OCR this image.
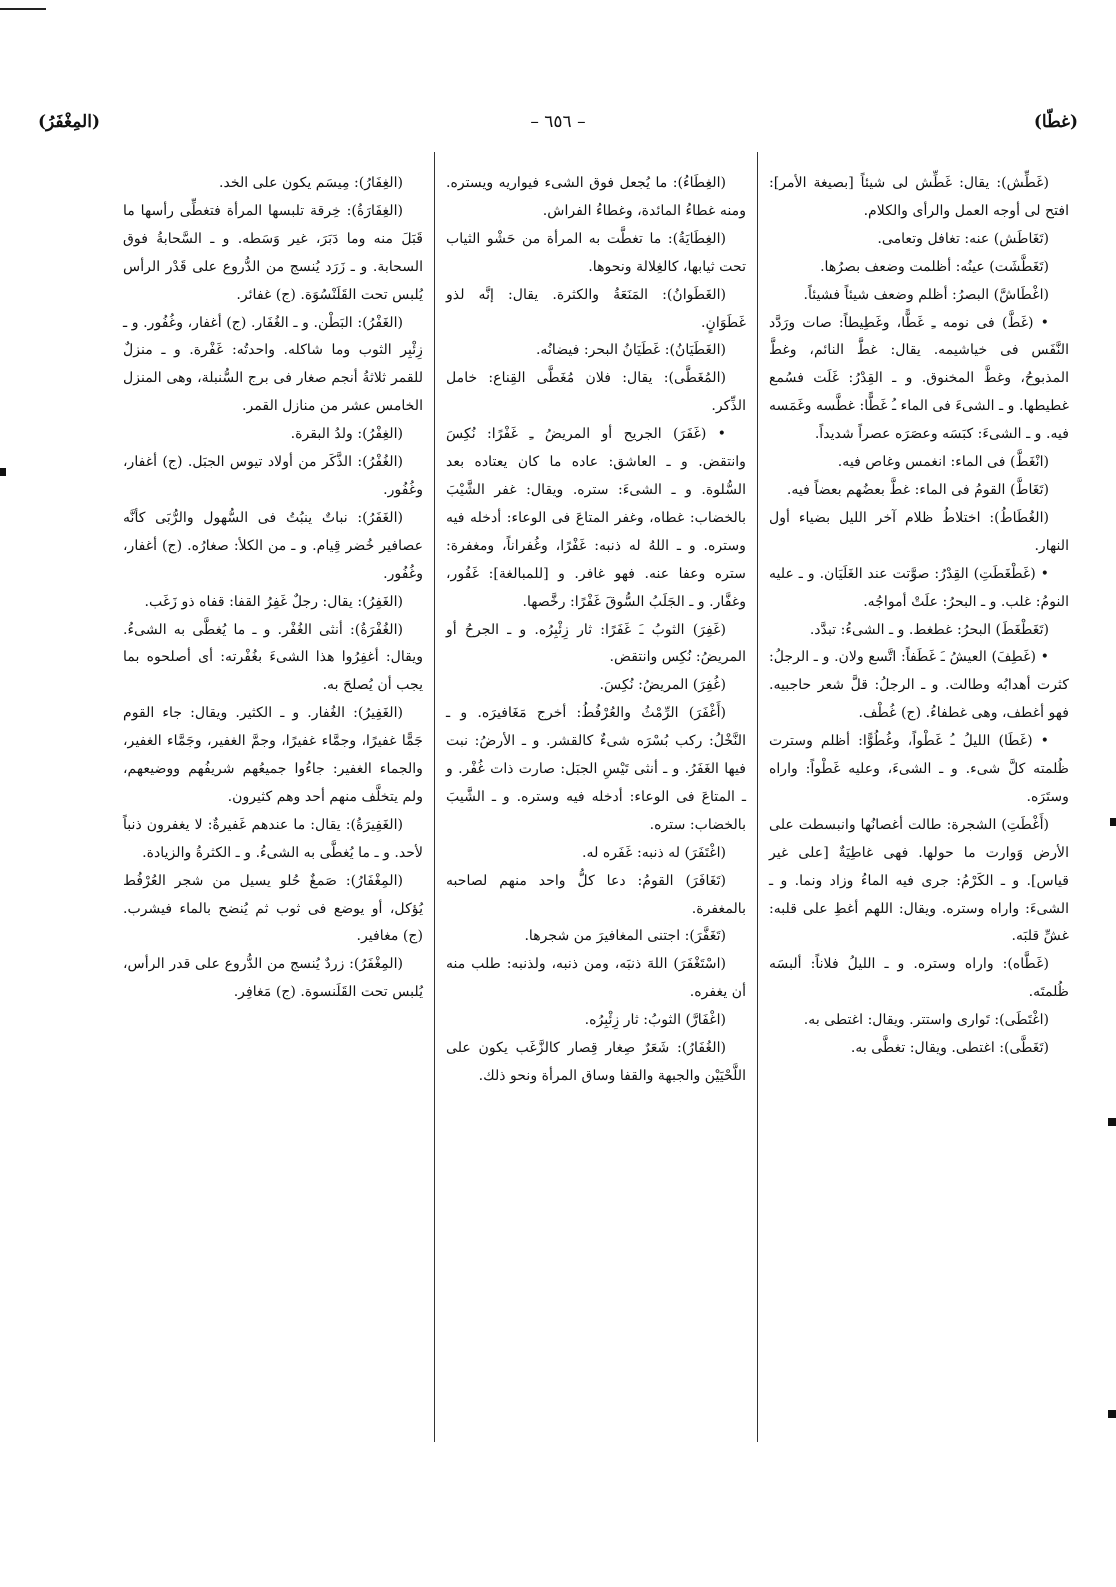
(غطّا)
– ٦٥٦ –
(المِغْفَرُ)

(غَطِّش): يقال: غَطِّش لى شيئاً [بصيغة الأمر]: افتح لى أوجه العمل والرأى والكلام.

(تَغَاطَش) عنه: تغافل وتعامى.

(تَغَطَّشَت) عينُه: أظلمت وضعف بصرُها.

(اغْطَاشَّ) البصرُ: أظلم وضعف شيئاً فشيئاً.

• (غَطَّ) فى نومه ـِ غَطًّا، وغَطِيطاً: صات ورَدَّد النَّفَس فى خياشيمه. يقال: غطَّ النائم، وغطَّ المذبوحُ، وغطَّ المخنوق. و ـ القِدْرُ: غَلَت فسُمع غطيطها. و ـ الشىءَ فى الماء ـُ غَطًّا: غطَّسه وغَمَسه فيه. و ـ الشىءَ: كبَسَه وعصَرَه عصراً شديداً.

(انْغَطَّ) فى الماء: انغمس وغاص فيه.

(تَغَاطَّ) القومُ فى الماء: غطَّ بعضُهم بعضاً فيه.

(الغُطَاطُ): اختلاطُ ظلام آخر الليل بضياء أول النهار.

• (غَطْغَطَتِ) القِدْرُ: صوَّتت عند الغَلَيَان. و ـ عليه النومُ: غلب. و ـ البحرُ: علَتْ أمواجُه.

(تَغَطْغَطَ) البحرُ: غطغط. و ـ الشىءُ: تبدَّد.

• (غَطِفَ) العيشُ ـَ غَطَفاً: اتَّسع ولان. و ـ الرجلُ: كثرت أهدابُه وطالت. و ـ الرجلُ: قلَّ شعر حاجبيه. فهو أغطف، وهى غطفاءُ. (ج) غُطْف.

• (غَطَا) الليلُ ـُ غَطْواً، وغُطُوًّا: أظلم وسترت ظُلمته كلَّ شىء. و ـ الشىءَ، وعليه غَطْواً: واراه وستَرَه.

(أَغْطَتِ) الشجرة: طالت أغصانُها وانبسطت على الأرض وَوارت ما حولها. فهى غاطِيَةٌ [على غير قياس]. و ـ الكَرْمُ: جرى فيه الماءُ وزاد ونما. و ـ الشىءَ: واراه وستره. ويقال: اللهم أغطِ على قلبه: غشِّ قلبَه.

(غَطَّاه): واراه وستره. و ـ الليلُ فلاناً: ألبسَه ظُلمتَه.

(اغْتَطَى): تَوارى واستتر. ويقال: اغتطى به.

(تَغَطَّى): اغتطى. ويقال: تغطَّى به.

(الغِطَاءُ): ما يُجعل فوق الشىء فيواريه ويستره. ومنه غطاءُ المائدة، وغطاءُ الفراش.

(الغِطَايَةُ): ما تغطَّت به المرأة من حَشْو الثياب تحت ثيابها، كالغِلالة ونحوها.

(الغَطَوانُ): المَنَعَةُ والكثرة. يقال: إنَّه لذو غَطَوَانٍ.

(الغَطَيَانُ): غَطَيَانُ البحر: فيضانُه.

(المُغَطَّى): يقال: فلان مُغَطَّى القِناع: خامل الذِّكر.

• (غَفَرَ) الجريح أو المريضُ ـِ غَفْرًا: نُكِسَ وانتقض. و ـ العاشق: عاده ما كان يعتاده بعد السُّلوة. و ـ الشىءَ: ستره. ويقال: غفر الشَّيْبَ بالخضاب: غطاه، وغفر المتاعَ فى الوعاء: أدخله فيه وستره. و ـ اللهُ له ذنبه: غَفْرًا، وغُفراناً، ومغفرة: ستره وعفا عنه. فهو غافر. و [للمبالغة]: غَفُور، وغفَّار. و ـ الجَلَبُ السُّوقَ غَفْرًا: رخَّصها.

(غَفِرَ) الثوبُ ـَ غَفَرًا: ثار زِئْبِرُه. و ـ الجرحُ أو المريضُ: نُكِس وانتقض.

(غُفِرَ) المريضُ: نُكِسَ.

(أَغْفَرَ) الرِّمْثُ والعُرْفُطُ: أخرج مَغَافيرَه. و ـ النَّخْلُ: ركب بُسْرَه شىءٌ كالقشر. و ـ الأرضُ: نبت فيها الغَفَرُ. و ـ أنثى تَيْسِ الجبَل: صارت ذات غُفْر. و ـ المتاعَ فى الوعاء: أدخله فيه وستره. و ـ الشَّيبَ بالخضاب: ستره.

(اغْتَفَرَ) له ذنبه: غَفَره له.

(تَغَافَرَ) القومُ: دعا كلُّ واحد منهم لصاحبه بالمغفرة.

(تَغَفَّرَ): اجتنى المغافيرَ من شجرها.

(اسْتَغْفَرَ) اللهَ ذنبَه، ومن ذنبه، ولذنبه: طلب منه أن يغفره.

(اغْفَارَّ) الثوبُ: ثار زِئْبِرُه.

(الغُفَارُ): شَعَرٌ صِغار قِصار كالزَّغَب يكون على اللَّحْيَيْن والجبهة والقفا وساق المرأة ونحو ذلك.

(الغِفَارُ): مِيسَم يكون على الخد.

(الغِفَارَةُ): خِرقة تلبسها المرأة فتغطِّى رأسها ما قَبَلَ منه وما دَبَرَ، غير وَسَطه. و ـ السَّحابةُ فوق السحابة. و ـ زَرَد يُنسج من الدُّروع على قَدْر الرأس يُلبس تحت القَلَنْسُوَة. (ج) غفائر.

(الغَفْرُ): البَطْن. و ـ الغُفَار. (ج) أغفار، وغُفُور. و ـ زِئْبِر الثوب وما شاكله. واحدتُه: غَفْرة. و ـ منزلٌ للقمر ثلاثةُ أنجم صغار فى برج السُّنبلة، وهى المنزل الخامس عشر من منازل القمر.

(الغِفْرُ): ولدُ البقرة.

(الغُفْرُ): الذَّكَر من أولاد تيوس الجبَل. (ج) أغفار، وغُفُور.

(الغَفَرُ): نباتٌ ينبُتُ فى السُّهول والرُّبَى كأنَّه عصافير خُضر قِيام. و ـ من الكلأ: صغارُه. (ج) أغفار، وغُفُور.

(الغَفِرُ): يقال: رجلٌ غَفِرُ القفا: قفاه ذو زَغَب.

(الغُفْرَةُ): أنثى الغُفْر. و ـ ما يُغطَّى به الشىءُ. ويقال: أغفِرُوا هذا الشىءَ بغُفْرته: أى أصلحوه بما يجب أن يُصلحَ به.

(الغَفِيرُ): الغُفار. و ـ الكثير. ويقال: جاء القوم جَمًّا غفيرًا، وجمَّاء غفيرًا، وجمَّ الغفير، وجَمَّاء الغفير، والجماء الغفير: جاءُوا جميعُهم شريفُهم ووضيعهم، ولم يتخلَّف منهم أحد وهم كثيرون.

(الغَفِيرَةُ): يقال: ما عندهم غَفيرةٌ: لا يغفرون ذنباً لأحد. و ـ ما يُغطَّى به الشىءُ. و ـ الكثرةُ والزيادة.

(المِغْفَارُ): صَمغٌ حُلو يسيل من شجر العُرْفُط يُؤكل، أو يوضع فى ثوب ثم يُنضح بالماء فيشرب. (ج) مغافير.

(المِغْفَرُ): زردٌ يُنسج من الدُّروع على قدر الرأس، يُلبس تحت القَلَنسوة. (ج) مَغافِر.
